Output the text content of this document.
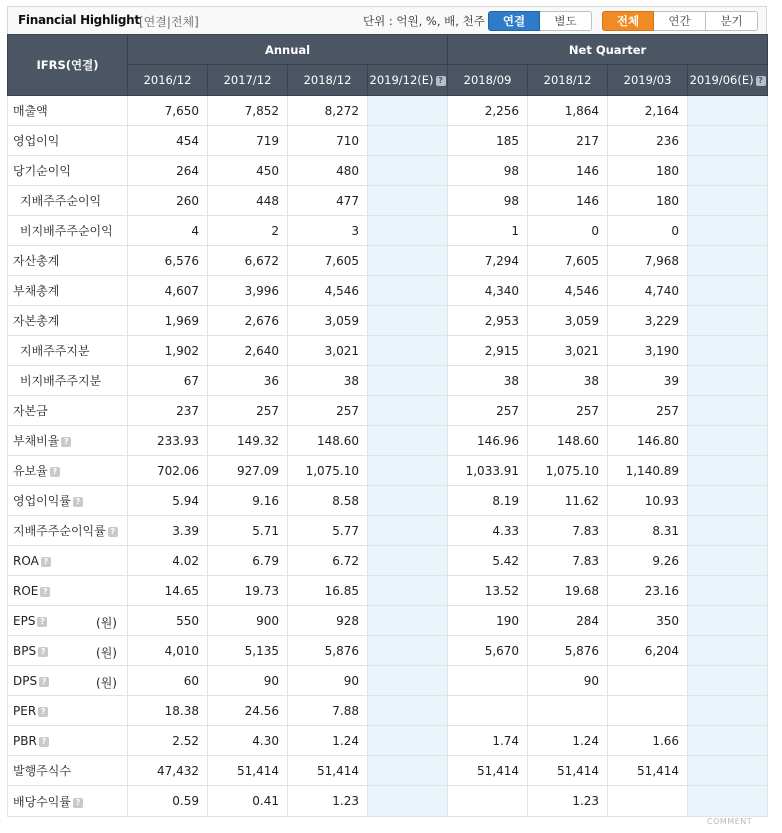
Financial Highlight [연결|전체]	단위 : 억원, %, 배, 천주	연결	별도	전체	연간	분기
IFRS(연결)	Annual				Net Quarter			
	2016/12	2017/12	2018/12	2019/12(E) ?	2018/09	2018/12	2019/03	2019/06(E) ?
매출액	7,650	7,852	8,272		2,256	1,864	2,164	
영업이익	454	719	710		185	217	236	
당기순이익	264	450	480		98	146	180	
지배주주순이익	260	448	477		98	146	180	
비지배주주순이익	4	2	3		1	0	0	
자산총계	6,576	6,672	7,605		7,294	7,605	7,968	
부채총계	4,607	3,996	4,546		4,340	4,546	4,740	
자본총계	1,969	2,676	3,059		2,953	3,059	3,229	
지배주주지분	1,902	2,640	3,021		2,915	3,021	3,190	
비지배주주지분	67	36	38		38	38	39	
자본금	237	257	257		257	257	257	
부채비율 ?	233.93	149.32	148.60		146.96	148.60	146.80	
유보율 ?	702.06	927.09	1,075.10		1,033.91	1,075.10	1,140.89	
영업이익률 ?	5.94	9.16	8.58		8.19	11.62	10.93	
지배주주순이익률 ?	3.39	5.71	5.77		4.33	7.83	8.31	
ROA ?	4.02	6.79	6.72		5.42	7.83	9.26	
ROE ?	14.65	19.73	16.85		13.52	19.68	23.16	
EPS ? (원)	550	900	928		190	284	350	
BPS ? (원)	4,010	5,135	5,876		5,670	5,876	6,204	
DPS ? (원)	60	90	90			90		
PER ?	18.38	24.56	7.88					
PBR ?	2.52	4.30	1.24		1.74	1.24	1.66	
발행주식수	47,432	51,414	51,414		51,414	51,414	51,414	
배당수익률 ?	0.59	0.41	1.23			1.23		
COMMENT
